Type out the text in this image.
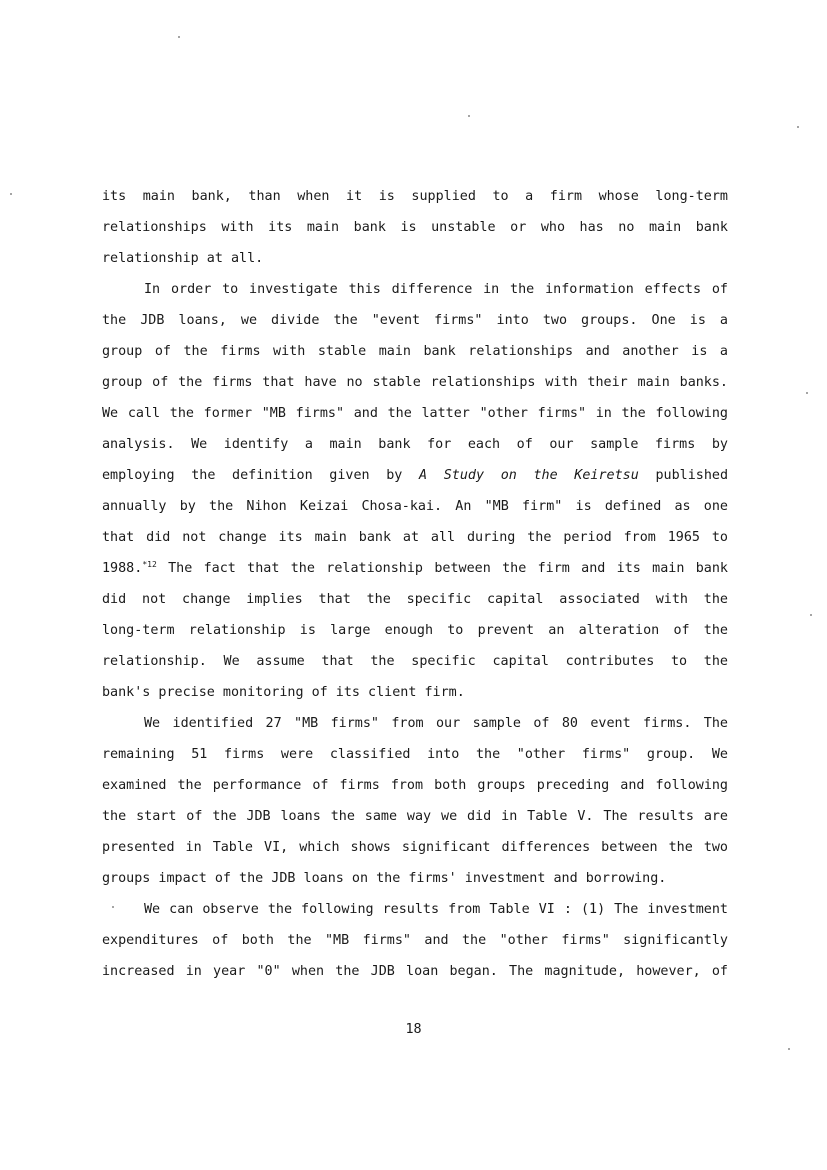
its main bank, than when it is supplied to a firm whose long-term
relationships with its main bank is unstable or who has no main bank
relationship at all.
In order to investigate this difference in the information effects of
the JDB loans, we divide the "event firms" into two groups. One is a
group of the firms with stable main bank relationships and another is a
group of the firms that have no stable relationships with their main banks.
We call the former "MB firms" and the latter "other firms" in the following
analysis. We identify a main bank for each of our sample firms by
employing the definition given by A Study on the Keiretsu published
annually by the Nihon Keizai Chosa-kai. An "MB firm" is defined as one
that did not change its main bank at all during the period from 1965 to
1988.$^{*12}$ The fact that the relationship between the firm and its main bank
did not change implies that the specific capital associated with the
long-term relationship is large enough to prevent an alteration of the
relationship. We assume that the specific capital contributes to the
bank's precise monitoring of its client firm.
We identified 27 "MB firms" from our sample of 80 event firms. The
remaining 51 firms were classified into the "other firms" group. We
examined the performance of firms from both groups preceding and following
the start of the JDB loans the same way we did in Table V. The results are
presented in Table VI, which shows significant differences between the two
groups impact of the JDB loans on the firms' investment and borrowing.
We can observe the following results from Table VI : (1) The investment
expenditures of both the "MB firms" and the "other firms" significantly
increased in year "0" when the JDB loan began. The magnitude, however, of
18
